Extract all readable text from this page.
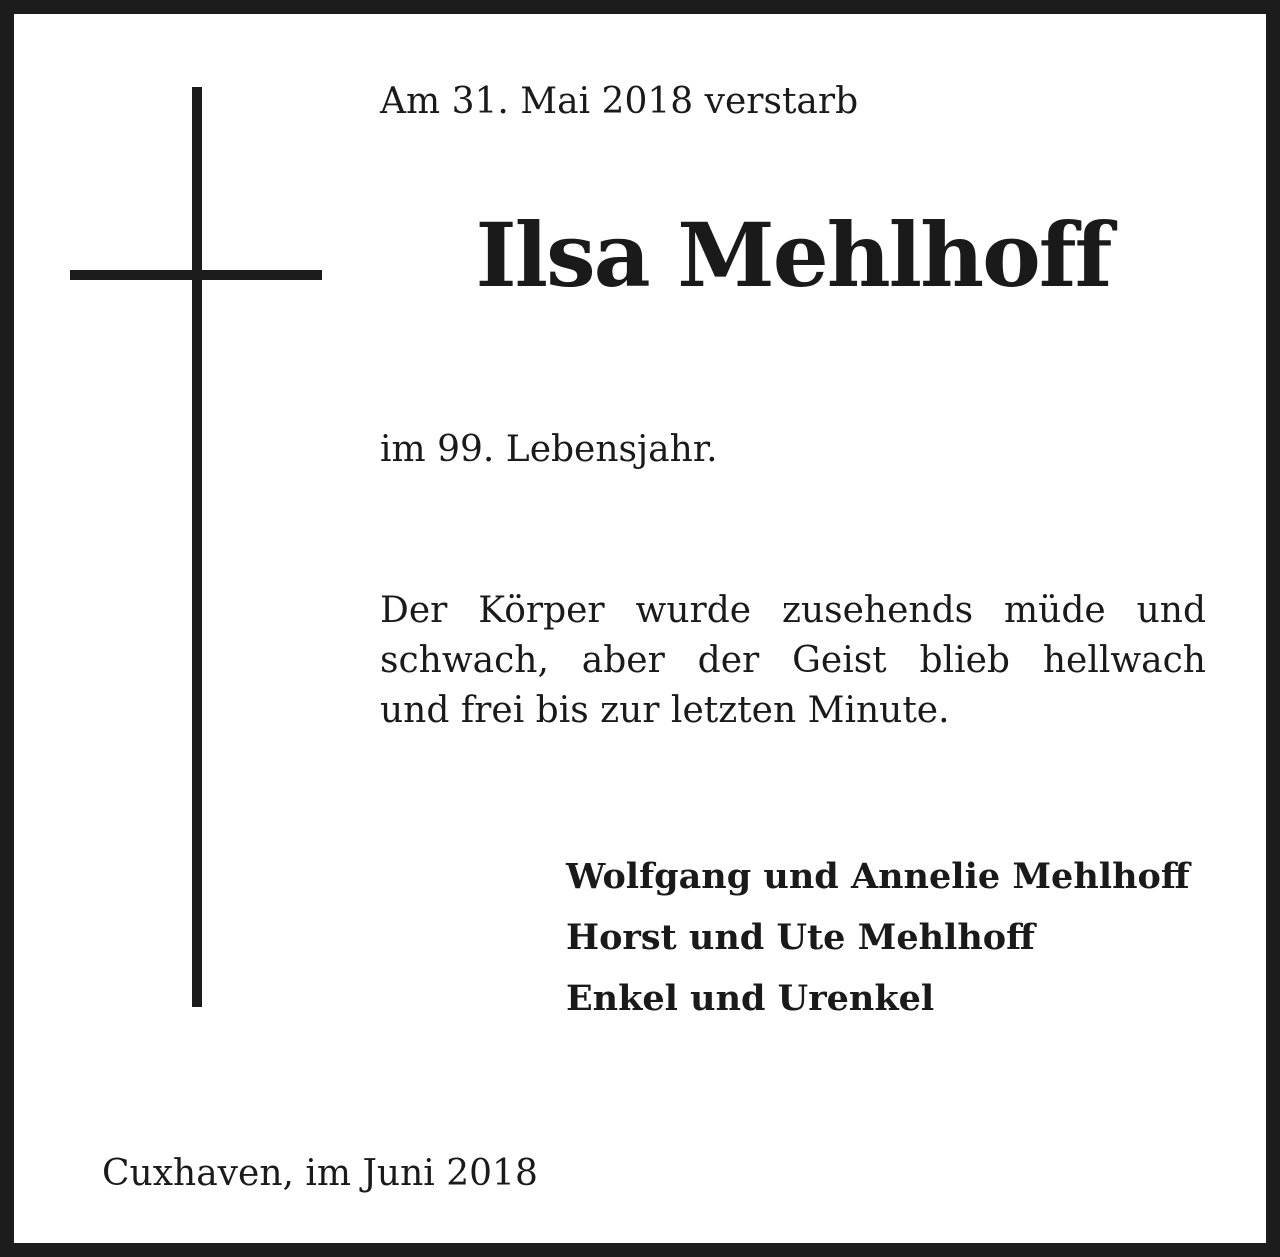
Am 31. Mai 2018 verstarb
Ilsa Mehlhoff
im 99. Lebensjahr.
Der Körper wurde zusehends müde und
schwach, aber der Geist blieb hellwach
und frei bis zur letzten Minute.
Wolfgang und Annelie Mehlhoff
Horst und Ute Mehlhoff
Enkel und Urenkel
Cuxhaven, im Juni 2018
